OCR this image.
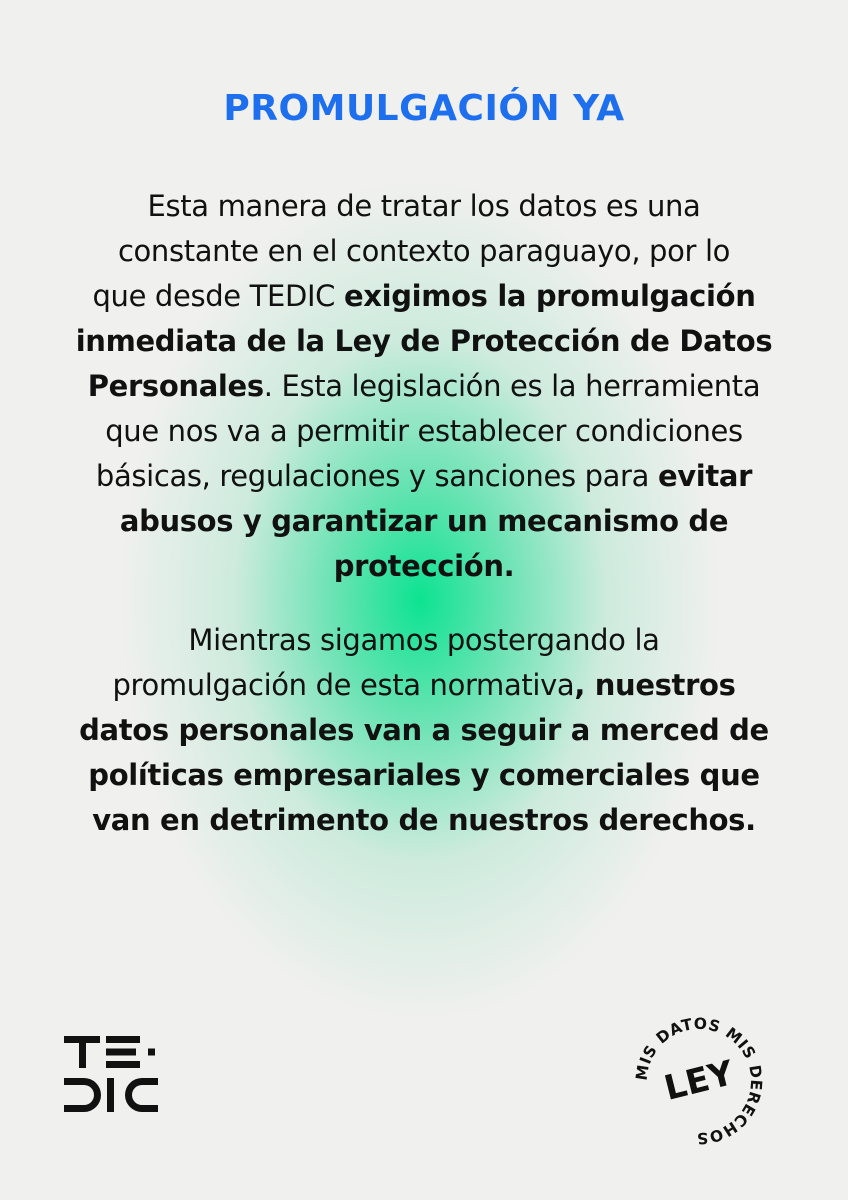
PROMULGACIÓN YA

Esta manera de tratar los datos es una
constante en el contexto paraguayo, por lo
que desde TEDIC exigimos la promulgación
inmediata de la Ley de Protección de Datos
Personales. Esta legislación es la herramienta
que nos va a permitir establecer condiciones
básicas, regulaciones y sanciones para evitar
abusos y garantizar un mecanismo de
protección.

Mientras sigamos postergando la
promulgación de esta normativa, nuestros
datos personales van a seguir a merced de
políticas empresariales y comerciales que
van en detrimento de nuestros derechos.

MIS DATOS MIS DERECHOS
LEY
